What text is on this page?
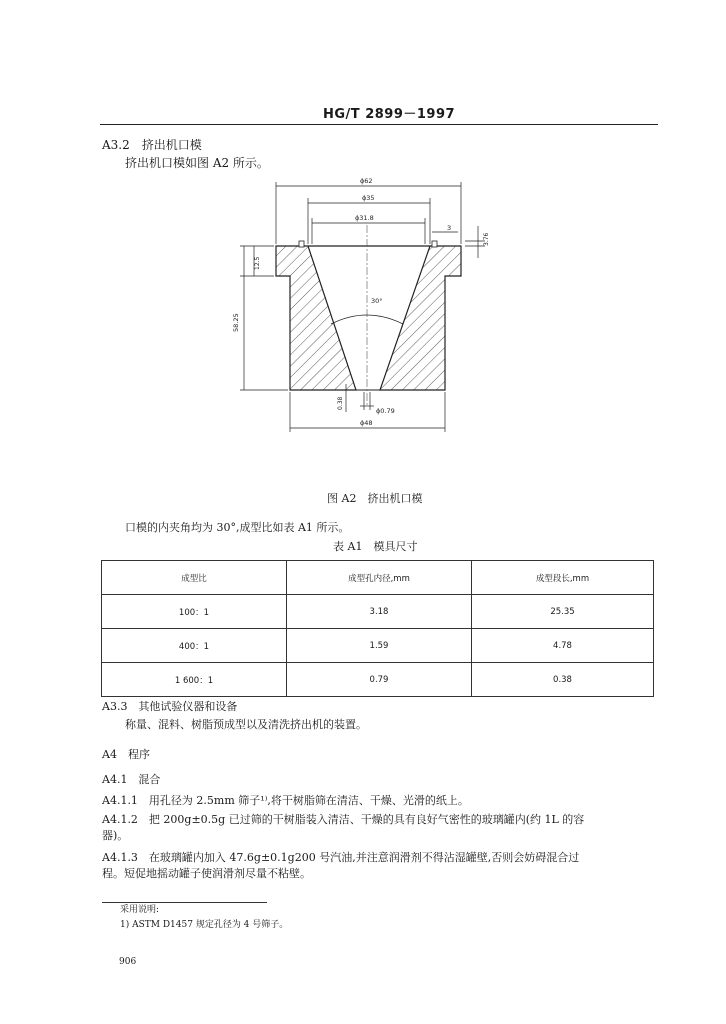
HG/T 2899－1997
A3.2　挤出机口模
挤出机口模如图 A2 所示。
ϕ62
ϕ35
ϕ31.8
3
3.76
12.5
58.25
30°
0.38
ϕ0.79
ϕ48
图 A2　挤出机口模
口模的内夹角均为 30°,成型比如表 A1 所示。
表 A1　模具尺寸
成型比	成型孔内径,mm	成型段长,mm
100：1	3.18	25.35
400：1	1.59	4.78
1 600：1	0.79	0.38
A3.3　其他试验仪器和设备
称量、混料、树脂预成型以及清洗挤出机的装置。
A4　程序
A4.1　混合
A4.1.1　用孔径为 2.5mm 筛子¹⁾,将干树脂筛在清洁、干燥、光滑的纸上。
A4.1.2　把 200g±0.5g 已过筛的干树脂装入清洁、干燥的具有良好气密性的玻璃罐内(约 1L 的容
器)。
A4.1.3　在玻璃罐内加入 47.6g±0.1g200 号汽油,并注意润滑剂不得沾湿罐壁,否则会妨碍混合过
程。短促地摇动罐子使润滑剂尽量不粘壁。
采用说明:
1) ASTM D1457 规定孔径为 4 号筛子。
906
